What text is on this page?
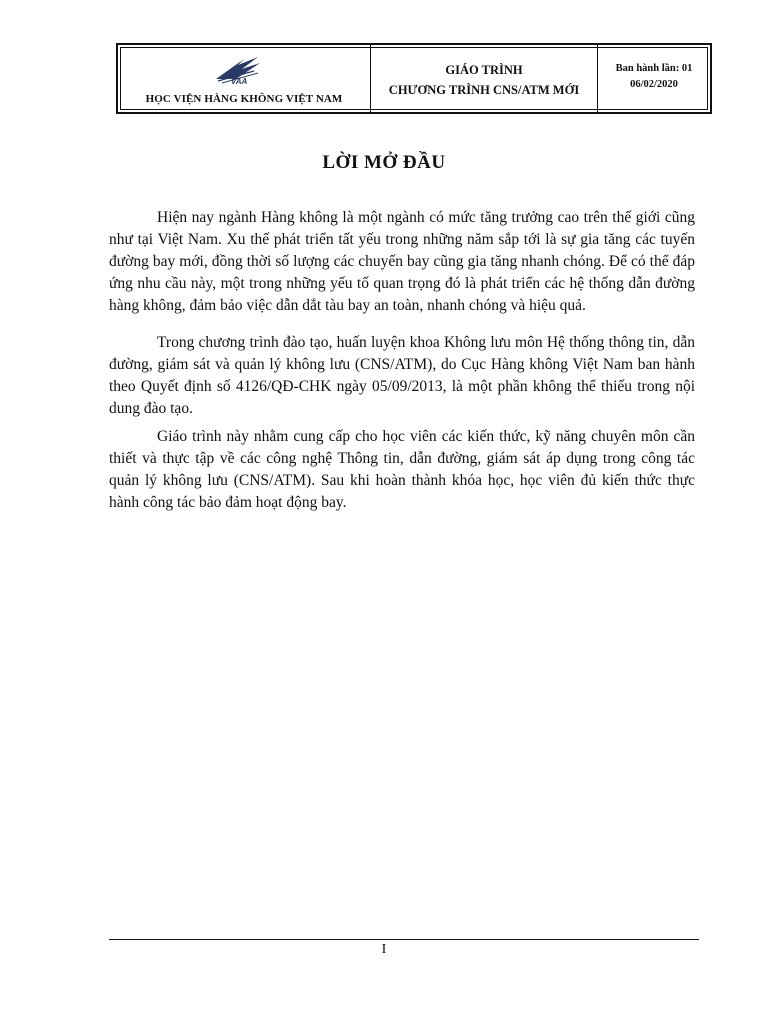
VAA
HỌC VIỆN HÀNG KHÔNG VIỆT NAM
GIÁO TRÌNH
CHƯƠNG TRÌNH CNS/ATM MỚI
Ban hành lần: 01
06/02/2020
LỜI MỞ ĐẦU

Hiện nay ngành Hàng không là một ngành có mức tăng trưởng cao trên thế giới cũng như tại Việt Nam. Xu thế phát triển tất yếu trong những năm sắp tới là sự gia tăng các tuyến đường bay mới, đồng thời số lượng các chuyến bay cũng gia tăng nhanh chóng. Để có thể đáp ứng nhu cầu này, một trong những yếu tố quan trọng đó là phát triển các hệ thống dẫn đường hàng không, đảm bảo việc dẫn dắt tàu bay an toàn, nhanh chóng và hiệu quả.

Trong chương trình đào tạo, huấn luyện khoa Không lưu môn Hệ thống thông tin, dẫn đường, giám sát và quản lý không lưu (CNS/ATM), do Cục Hàng không Việt Nam ban hành theo Quyết định số 4126/QĐ-CHK ngày 05/09/2013, là một phần không thể thiếu trong nội dung đào tạo.

Giáo trình này nhằm cung cấp cho học viên các kiến thức, kỹ năng chuyên môn cần thiết và thực tập về các công nghệ Thông tin, dẫn đường, giám sát áp dụng trong công tác quản lý không lưu (CNS/ATM). Sau khi hoàn thành khóa học, học viên đủ kiến thức thực hành công tác bảo đảm hoạt động bay.

I
